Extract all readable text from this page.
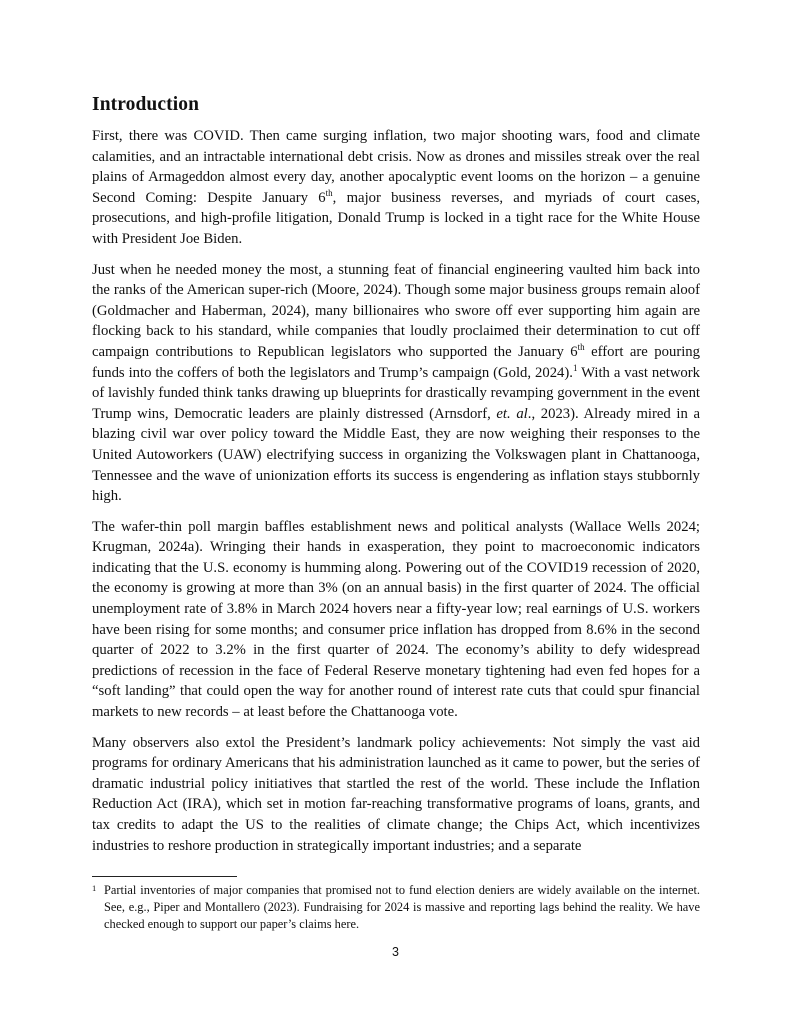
Introduction

First, there was COVID. Then came surging inflation, two major shooting wars, food and climate calamities, and an intractable international debt crisis. Now as drones and missiles streak over the real plains of Armageddon almost every day, another apocalyptic event looms on the horizon – a genuine Second Coming: Despite January 6th, major business reverses, and myriads of court cases, prosecutions, and high-profile litigation, Donald Trump is locked in a tight race for the White House with President Joe Biden.

Just when he needed money the most, a stunning feat of financial engineering vaulted him back into the ranks of the American super-rich (Moore, 2024). Though some major business groups remain aloof (Goldmacher and Haberman, 2024), many billionaires who swore off ever supporting him again are flocking back to his standard, while companies that loudly proclaimed their determination to cut off campaign contributions to Republican legislators who supported the January 6th effort are pouring funds into the coffers of both the legislators and Trump’s campaign (Gold, 2024).$^1$ With a vast network of lavishly funded think tanks drawing up blueprints for drastically revamping government in the event Trump wins, Democratic leaders are plainly distressed (Arnsdorf, et. al., 2023). Already mired in a blazing civil war over policy toward the Middle East, they are now weighing their responses to the United Autoworkers (UAW) electrifying success in organizing the Volkswagen plant in Chattanooga, Tennessee and the wave of unionization efforts its success is engendering as inflation stays stubbornly high.

The wafer-thin poll margin baffles establishment news and political analysts (Wallace Wells 2024; Krugman, 2024a). Wringing their hands in exasperation, they point to macroeconomic indicators indicating that the U.S. economy is humming along. Powering out of the COVID19 recession of 2020, the economy is growing at more than 3% (on an annual basis) in the first quarter of 2024. The official unemployment rate of 3.8% in March 2024 hovers near a fifty-year low; real earnings of U.S. workers have been rising for some months; and consumer price inflation has dropped from 8.6% in the second quarter of 2022 to 3.2% in the first quarter of 2024. The economy’s ability to defy widespread predictions of recession in the face of Federal Reserve monetary tightening had even fed hopes for a “soft landing” that could open the way for another round of interest rate cuts that could spur financial markets to new records – at least before the Chattanooga vote.

Many observers also extol the President’s landmark policy achievements: Not simply the vast aid programs for ordinary Americans that his administration launched as it came to power, but the series of dramatic industrial policy initiatives that startled the rest of the world. These include the Inflation Reduction Act (IRA), which set in motion far-reaching transformative programs of loans, grants, and tax credits to adapt the US to the realities of climate change; the Chips Act, which incentivizes industries to reshore production in strategically important industries; and a separate

1 Partial inventories of major companies that promised not to fund election deniers are widely available on the internet. See, e.g., Piper and Montallero (2023). Fundraising for 2024 is massive and reporting lags behind the reality. We have checked enough to support our paper’s claims here.

3
